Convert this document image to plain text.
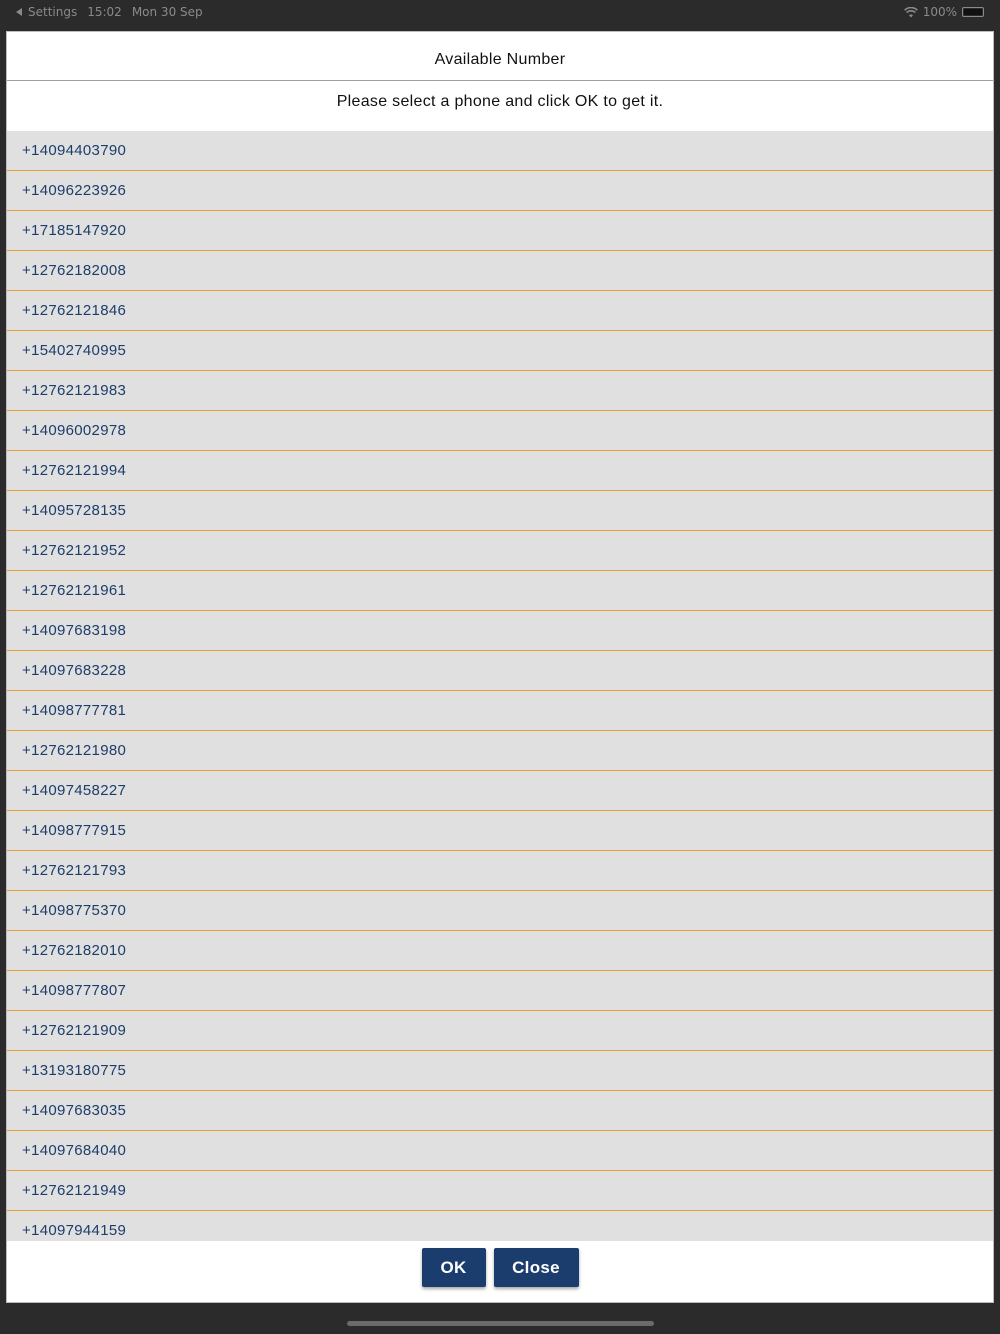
Settings 15:02 Mon 30 Sep	100%
Available Number
Please select a phone and click OK to get it.
+14094403790
+14096223926
+17185147920
+12762182008
+12762121846
+15402740995
+12762121983
+14096002978
+12762121994
+14095728135
+12762121952
+12762121961
+14097683198
+14097683228
+14098777781
+12762121980
+14097458227
+14098777915
+12762121793
+14098775370
+12762182010
+14098777807
+12762121909
+13193180775
+14097683035
+14097684040
+12762121949
+14097944159
OK	Close
